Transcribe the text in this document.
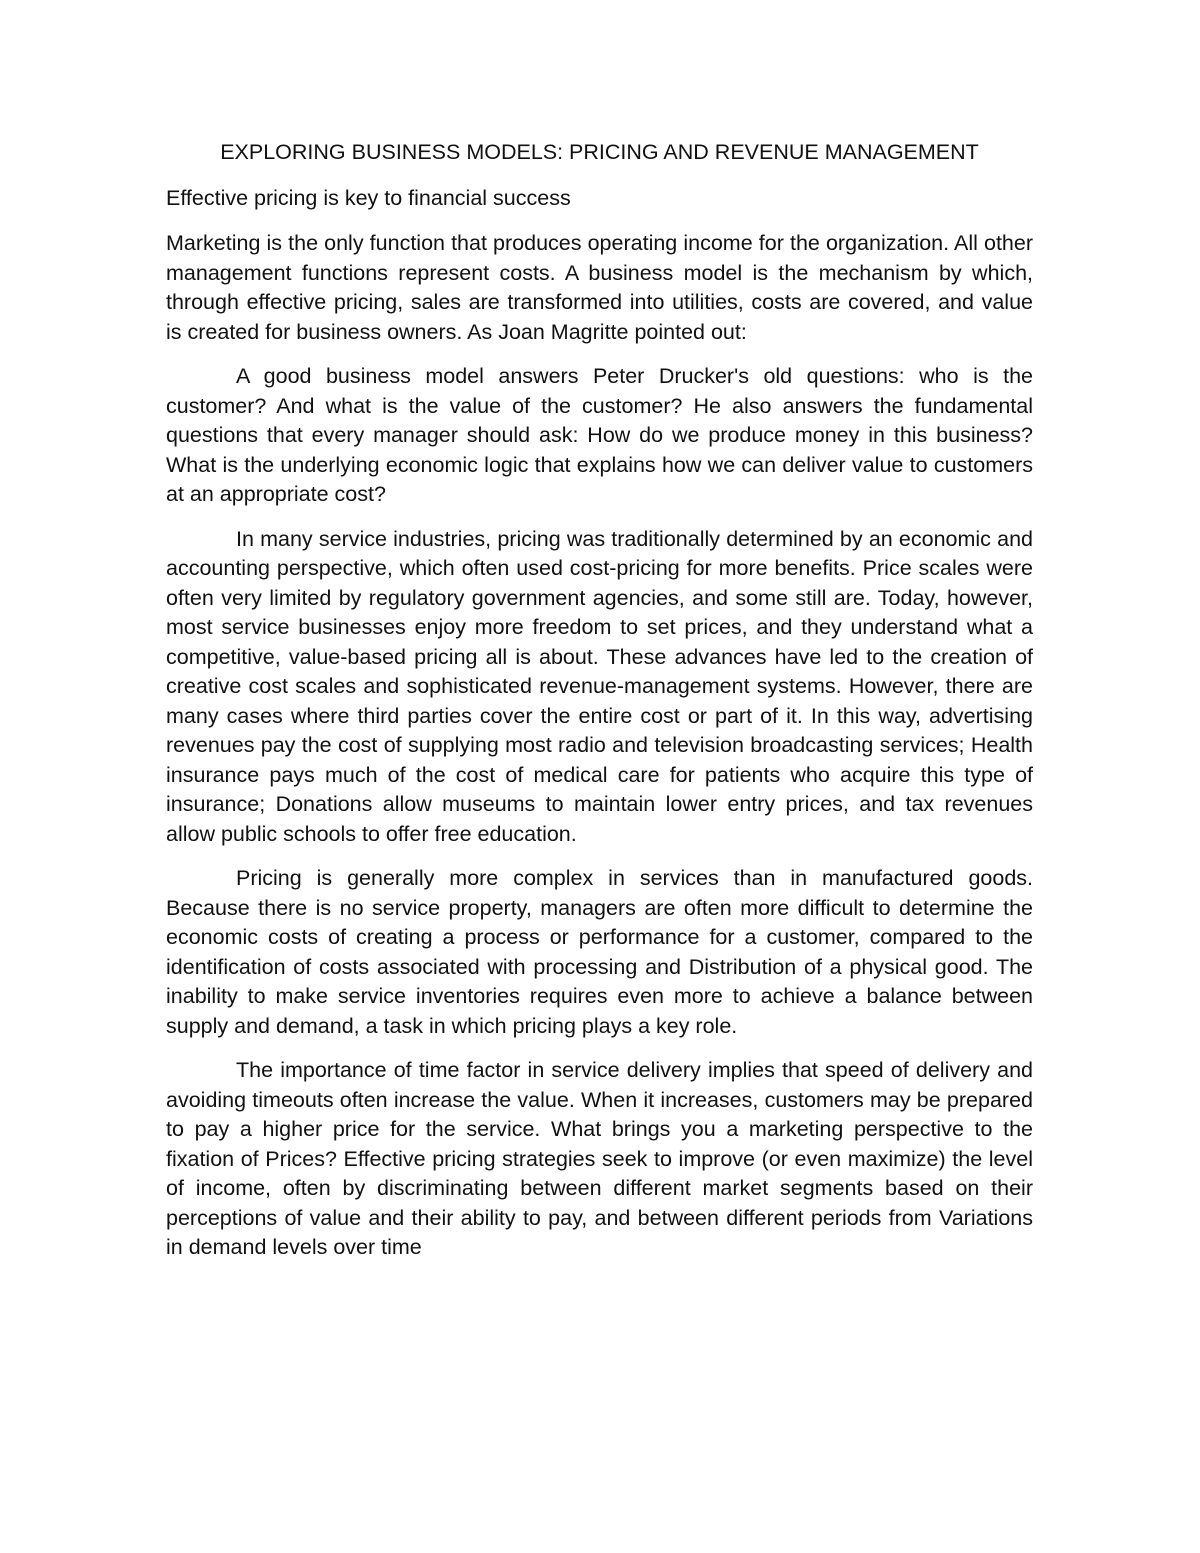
EXPLORING BUSINESS MODELS: PRICING AND REVENUE MANAGEMENT
Effective pricing is key to financial success

Marketing is the only function that produces operating income for the organization. All other management functions represent costs. A business model is the mechanism by which, through effective pricing, sales are transformed into utilities, costs are covered, and value is created for business owners. As Joan Magritte pointed out:

A good business model answers Peter Drucker's old questions: who is the customer? And what is the value of the customer? He also answers the fundamental questions that every manager should ask: How do we produce money in this business? What is the underlying economic logic that explains how we can deliver value to customers at an appropriate cost?

In many service industries, pricing was traditionally determined by an economic and accounting perspective, which often used cost-pricing for more benefits. Price scales were often very limited by regulatory government agencies, and some still are. Today, however, most service businesses enjoy more freedom to set prices, and they understand what a competitive, value-based pricing all is about. These advances have led to the creation of creative cost scales and sophisticated revenue-management systems. However, there are many cases where third parties cover the entire cost or part of it. In this way, advertising revenues pay the cost of supplying most radio and television broadcasting services; Health insurance pays much of the cost of medical care for patients who acquire this type of insurance; Donations allow museums to maintain lower entry prices, and tax revenues allow public schools to offer free education.

Pricing is generally more complex in services than in manufactured goods. Because there is no service property, managers are often more difficult to determine the economic costs of creating a process or performance for a customer, compared to the identification of costs associated with processing and Distribution of a physical good. The inability to make service inventories requires even more to achieve a balance between supply and demand, a task in which pricing plays a key role.

The importance of time factor in service delivery implies that speed of delivery and avoiding timeouts often increase the value. When it increases, customers may be prepared to pay a higher price for the service. What brings you a marketing perspective to the fixation of Prices? Effective pricing strategies seek to improve (or even maximize) the level of income, often by discriminating between different market segments based on their perceptions of value and their ability to pay, and between different periods from Variations in demand levels over time
